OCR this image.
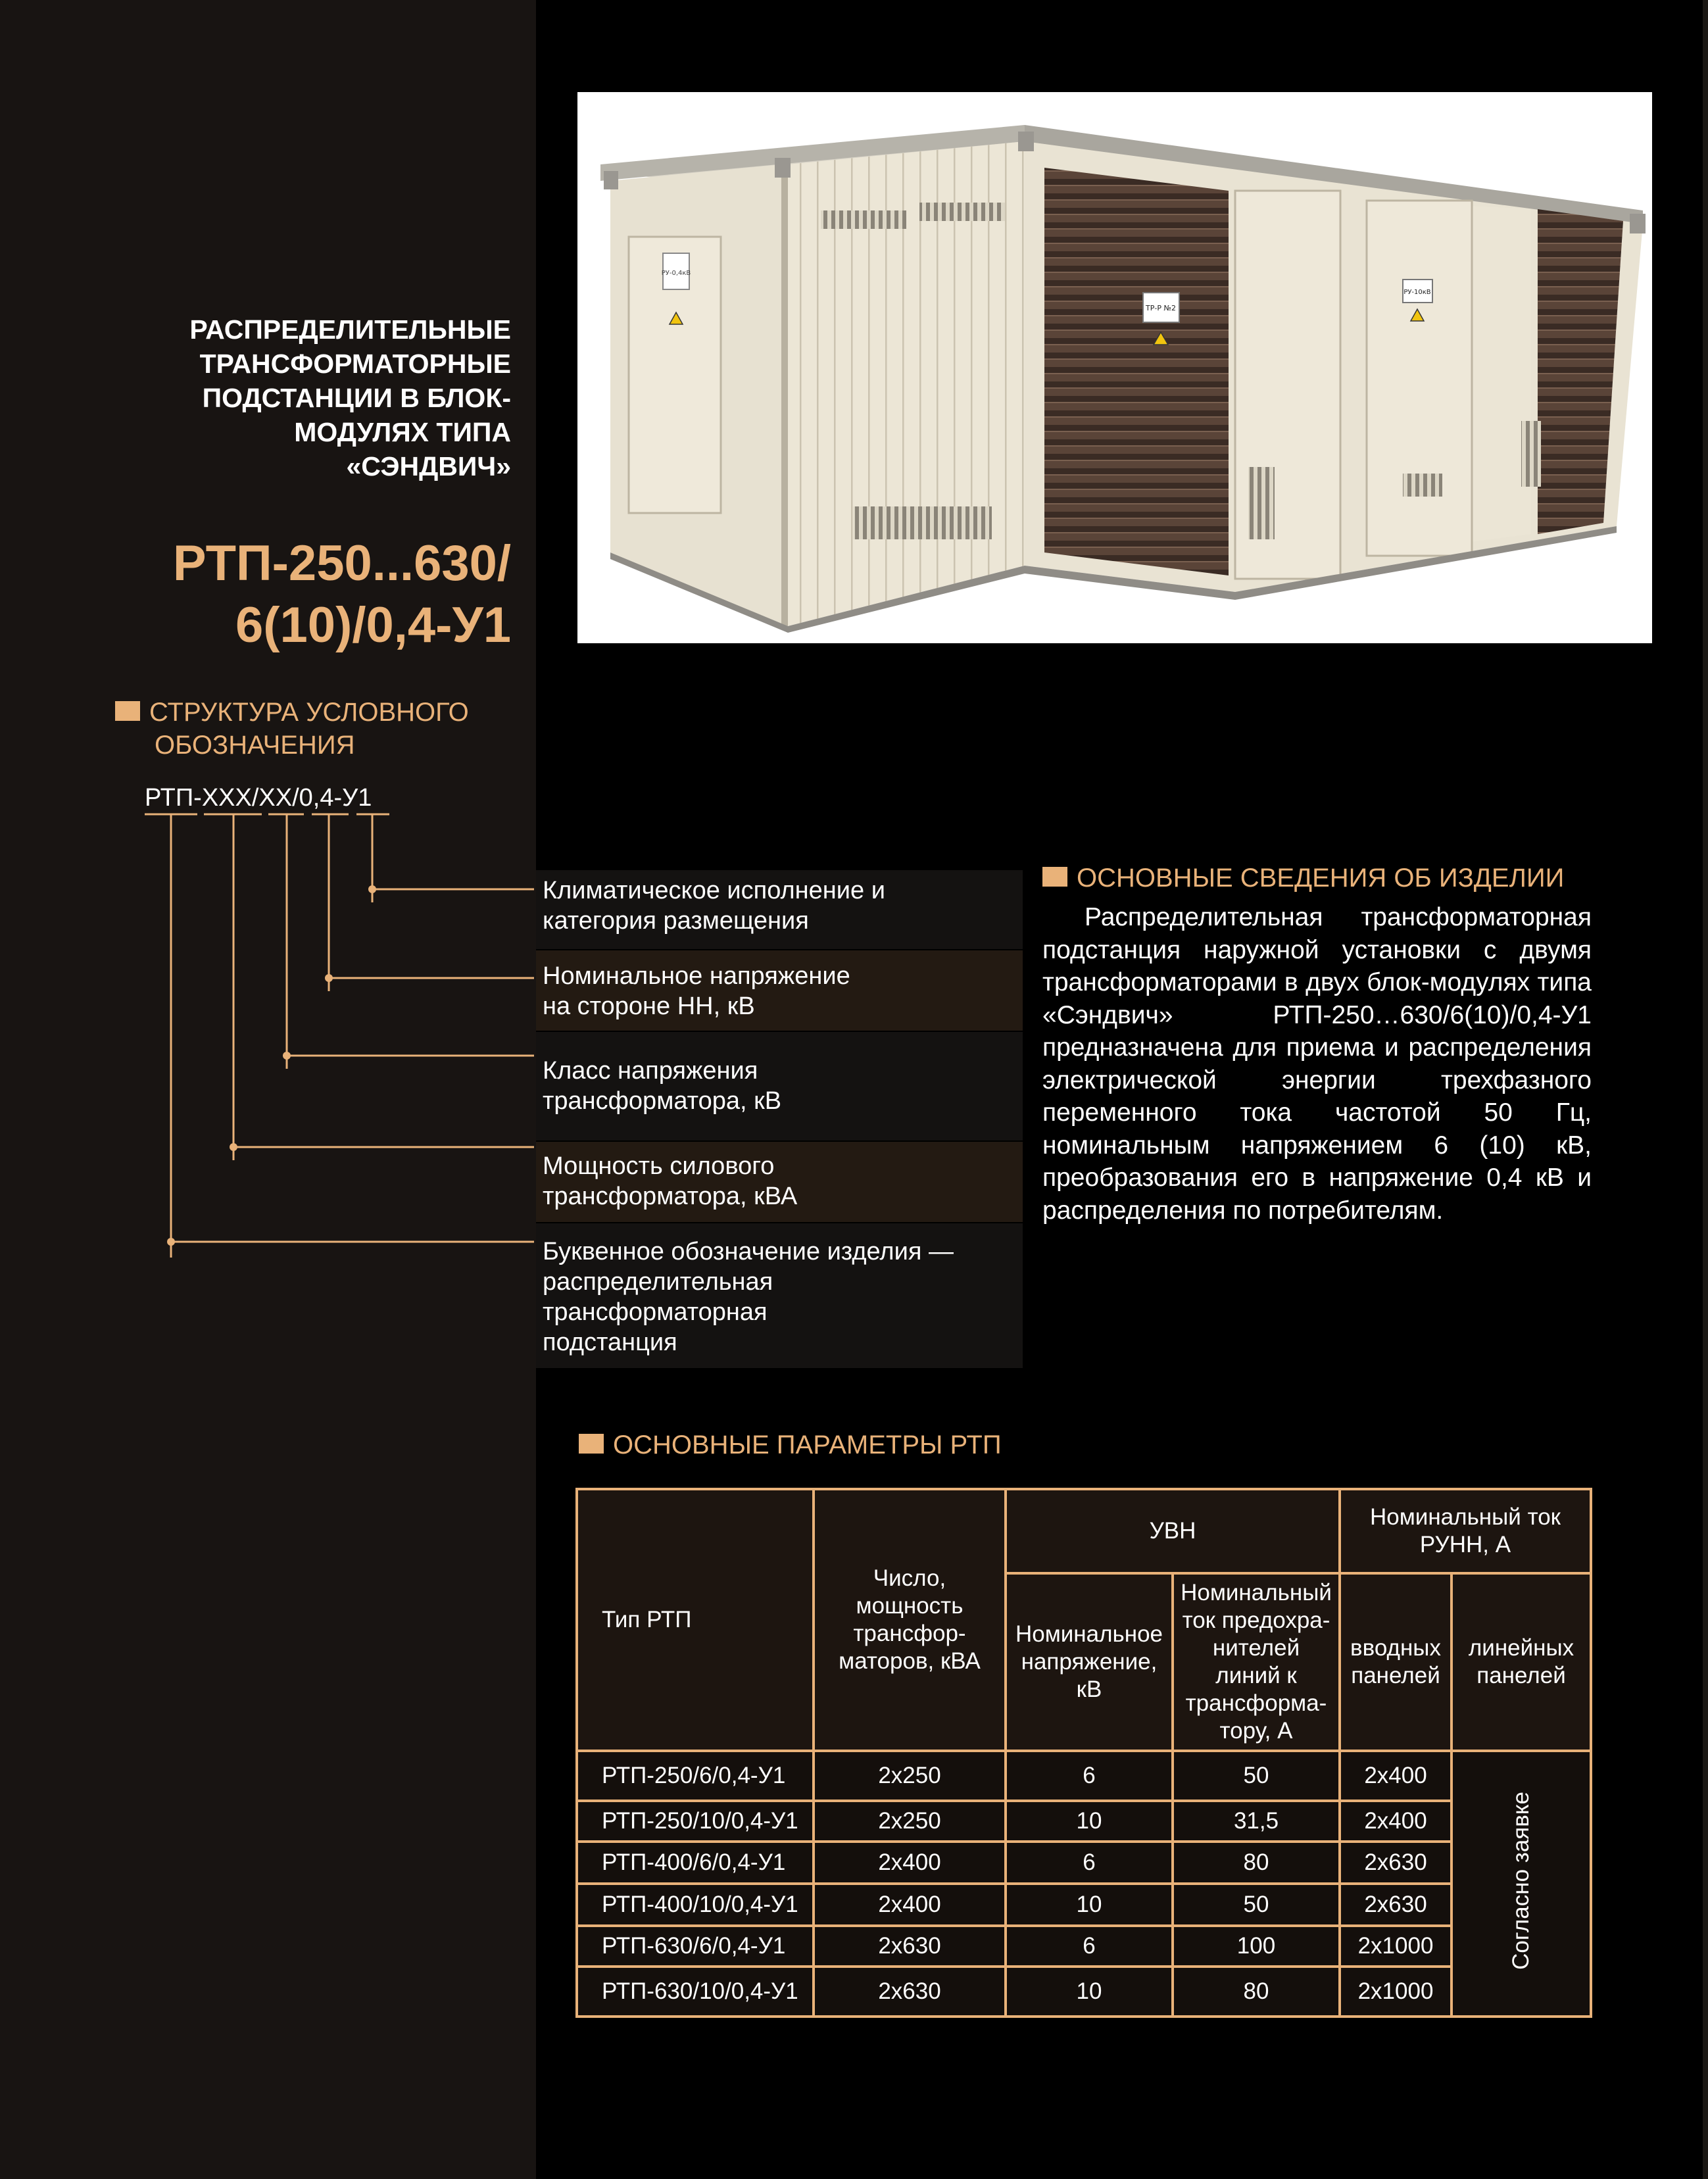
РАСПРЕДЕЛИТЕЛЬНЫЕ
ТРАНСФОРМАТОРНЫЕ
ПОДСТАНЦИИ В БЛОК-
МОДУЛЯХ ТИПА
«СЭНДВИЧ»
РТП-250...630/
6(10)/0,4-У1
СТРУКТУРА УСЛОВНОГО
ОБОЗНАЧЕНИЯ
РТП-XXX/XX/0,4-У1
Климатическое исполнение и
категория размещения
Номинальное напряжение
на стороне НН, кВ
Класс напряжения
трансформатора, кВ
Мощность силового
трансформатора, кВА
Буквенное обозначение изделия —
распределительная
трансформаторная
подстанция
РУ-0,4кВ
ТР-Р №2
РУ-10кВ
ОСНОВНЫЕ СВЕДЕНИЯ ОБ ИЗДЕЛИИ

Распределительная трансформаторная подстанция наружной установки с двумя трансформаторами в двух блок-модулях типа «Сэндвич» РТП-250…630/6(10)/0,4-У1 предназначена для приема и распределения электрической энергии трехфазного переменного тока частотой 50 Гц, номинальным напряжением 6 (10) кВ, преобразования его в напряжение 0,4 кВ и распределения по потребителям.

ОСНОВНЫЕ ПАРАМЕТРЫ РТП
Тип РТП	Число, мощность трансфор-маторов, кВА	УВН		Номинальный ток РУНН, А	
		Номинальное напряжение, кВ	Номинальный ток предохра-нителей линий к трансформа-тору, А	вводных панелей	линейных панелей
РТП-250/6/0,4-У1	2х250	6	50	2х400	Согласно заявке
РТП-250/10/0,4-У1	2х250	10	31,5	2х400	
РТП-400/6/0,4-У1	2х400	6	80	2х630	
РТП-400/10/0,4-У1	2х400	10	50	2х630	
РТП-630/6/0,4-У1	2х630	6	100	2х1000	
РТП-630/10/0,4-У1	2х630	10	80	2х1000	
